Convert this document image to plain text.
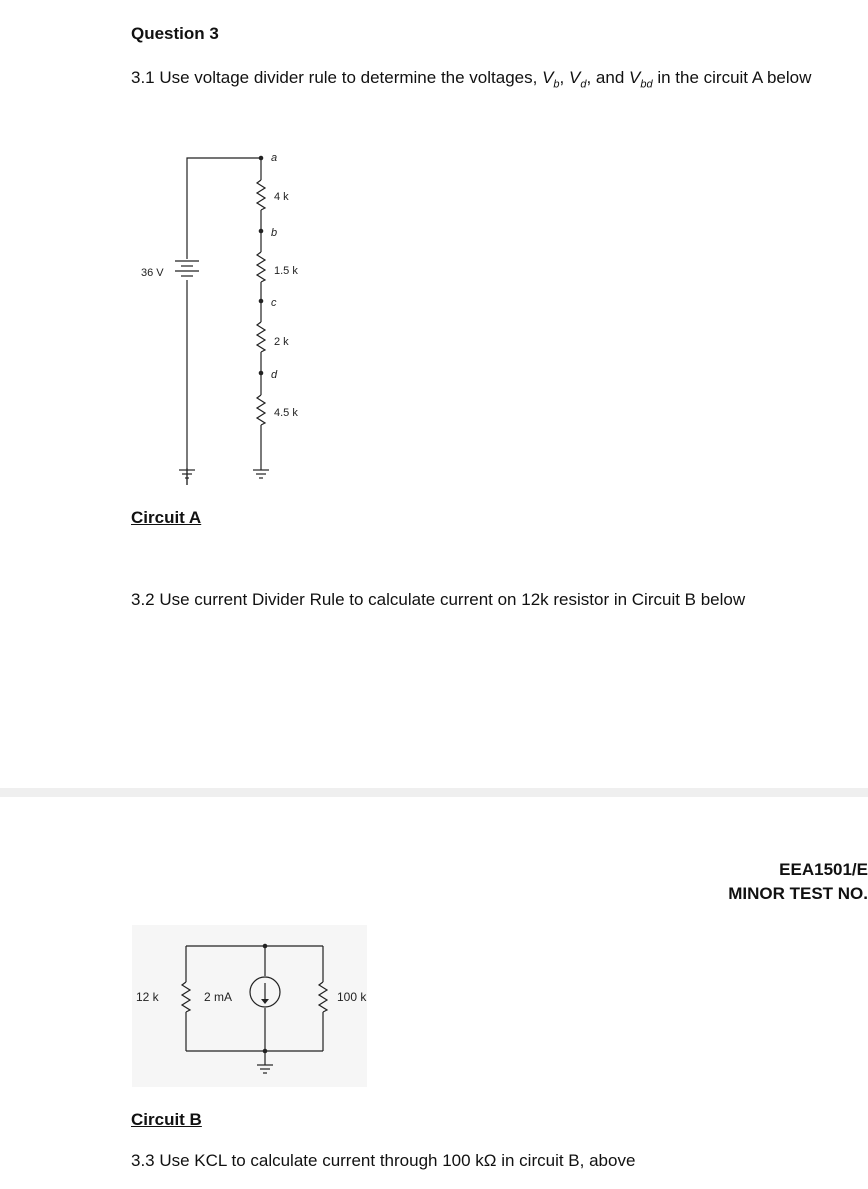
Question 3
3.1 Use voltage divider rule to determine the voltages, $V_b$, $V_d$, and $V_{bd}$ in the circuit A below
36 V
a
b
c
d
4 k
1.5 k
2 k
4.5 k
Circuit A
3.2 Use current Divider Rule to calculate current on 12k resistor in Circuit B below
EEA1501/E
MINOR TEST NO.
12 k	2 mA	100 k
Circuit B
3.3 Use KCL to calculate current through 100 kΩ in circuit B, above
